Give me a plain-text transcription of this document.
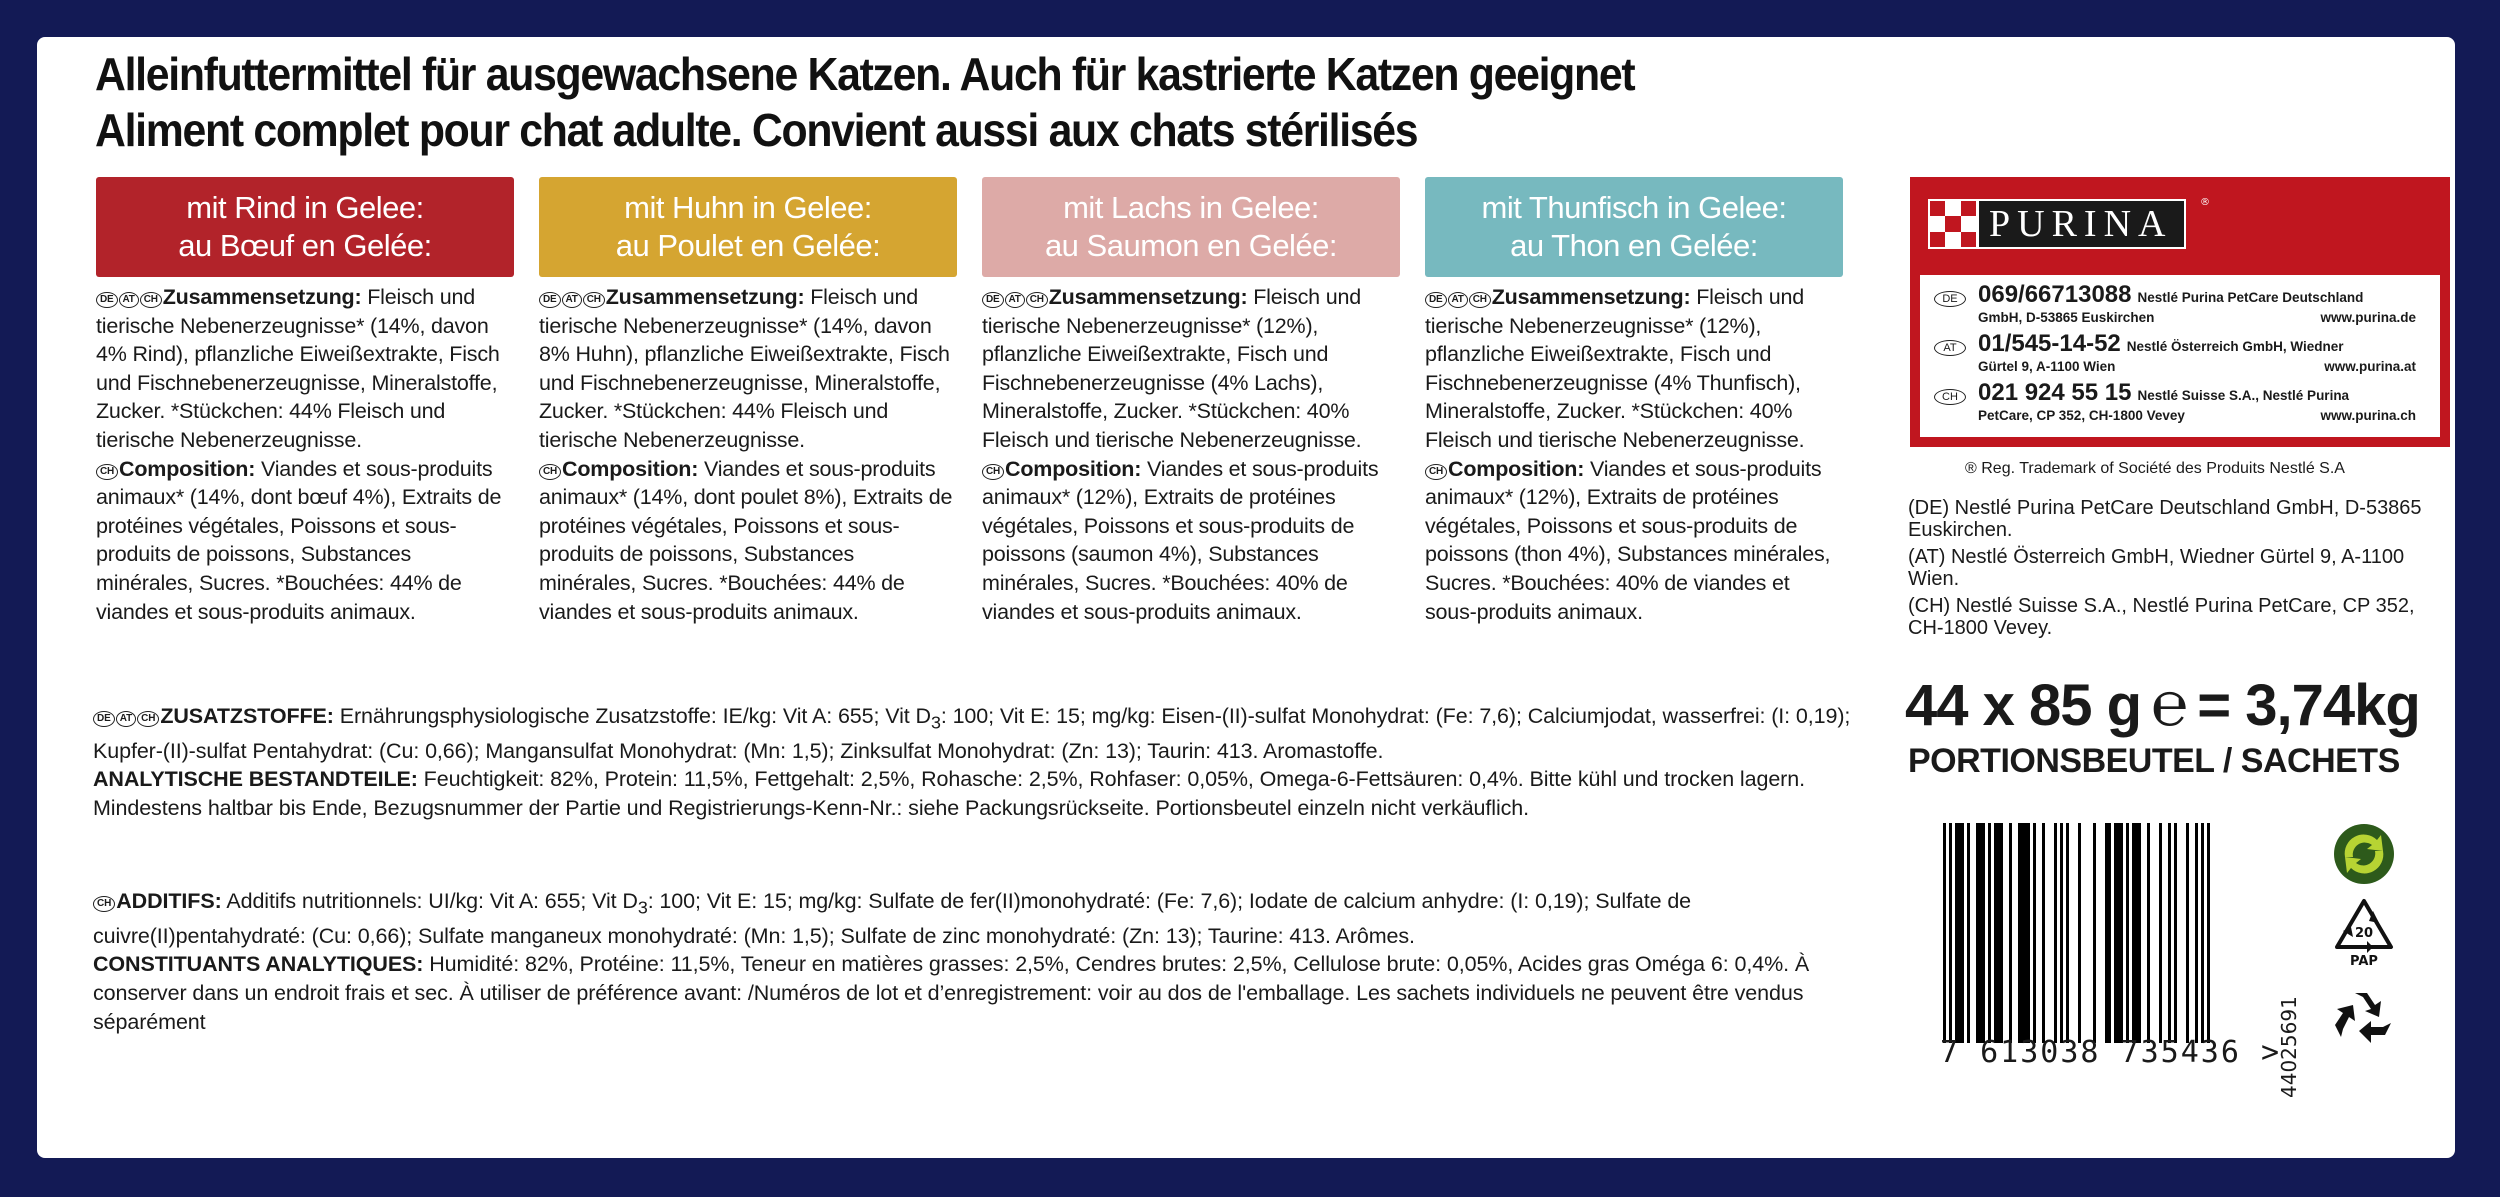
Alleinfuttermittel für ausgewachsene Katzen. Auch für kastrierte Katzen geeignet
Aliment complet pour chat adulte. Convient aussi aux chats stérilisés
mit Rind in Gelee:
au Bœuf en Gelée:
DE AT CH Zusammensetzung: Fleisch und tierische Nebenerzeugnisse* (14%, davon 4% Rind), pflanzliche Eiweißextrakte, Fisch und Fischnebenerzeugnisse, Mineralstoffe, Zucker. *Stückchen: 44% Fleisch und tierische Nebenerzeugnisse.
CH Composition: Viandes et sous-produits animaux* (14%, dont bœuf 4%), Extraits de protéines végétales, Poissons et sous-produits de poissons, Substances minérales, Sucres. *Bouchées: 44% de viandes et sous-produits animaux.
mit Huhn in Gelee:
au Poulet en Gelée:
DE AT CH Zusammensetzung: Fleisch und tierische Nebenerzeugnisse* (14%, davon 8% Huhn), pflanzliche Eiweißextrakte, Fisch und Fischnebenerzeugnisse, Mineralstoffe, Zucker. *Stückchen: 44% Fleisch und tierische Nebenerzeugnisse.
CH Composition: Viandes et sous-produits animaux* (14%, dont poulet 8%), Extraits de protéines végétales, Poissons et sous-produits de poissons, Substances minérales, Sucres. *Bouchées: 44% de viandes et sous-produits animaux.
mit Lachs in Gelee:
au Saumon en Gelée:
DE AT CH Zusammensetzung: Fleisch und tierische Nebenerzeugnisse* (12%), pflanzliche Eiweißextrakte, Fisch und Fischnebenerzeugnisse (4% Lachs), Mineralstoffe, Zucker. *Stückchen: 40% Fleisch und tierische Nebenerzeugnisse.
CH Composition: Viandes et sous-produits animaux* (12%), Extraits de protéines végétales, Poissons et sous-produits de poissons (saumon 4%), Substances minérales, Sucres. *Bouchées: 40% de viandes et sous-produits animaux.
mit Thunfisch in Gelee:
au Thon en Gelée:
DE AT CH Zusammensetzung: Fleisch und tierische Nebenerzeugnisse* (12%), pflanzliche Eiweißextrakte, Fisch und Fischnebenerzeugnisse (4% Thunfisch), Mineralstoffe, Zucker. *Stückchen: 40% Fleisch und tierische Nebenerzeugnisse.
CH Composition: Viandes et sous-produits animaux* (12%), Extraits de protéines végétales, Poissons et sous-produits de poissons (thon 4%), Substances minérales, Sucres. *Bouchées: 40% de viandes et sous-produits animaux.
DE AT CH ZUSATZSTOFFE: Ernährungsphysiologische Zusatzstoffe: IE/kg: Vit A: 655; Vit $D_3$: 100; Vit E: 15; mg/kg: Eisen-(II)-sulfat Monohydrat: (Fe: 7,6); Calciumjodat, wasserfrei: (I: 0,19); Kupfer-(II)-sulfat Pentahydrat: (Cu: 0,66); Mangansulfat Monohydrat: (Mn: 1,5); Zinksulfat Monohydrat: (Zn: 13); Taurin: 413. Aromastoffe.
ANALYTISCHE BESTANDTEILE: Feuchtigkeit: 82%, Protein: 11,5%, Fettgehalt: 2,5%, Rohasche: 2,5%, Rohfaser: 0,05%, Omega-6-Fettsäuren: 0,4%. Bitte kühl und trocken lagern. Mindestens haltbar bis Ende, Bezugsnummer der Partie und Registrierungs-Kenn-Nr.: siehe Packungsrückseite. Portionsbeutel einzeln nicht verkäuflich.
CH ADDITIFS: Additifs nutritionnels: UI/kg: Vit A: 655; Vit $D_3$: 100; Vit E: 15; mg/kg: Sulfate de fer(II)monohydraté: (Fe: 7,6); Iodate de calcium anhydre: (I: 0,19); Sulfate de cuivre(II)pentahydraté: (Cu: 0,66); Sulfate manganeux monohydraté: (Mn: 1,5); Sulfate de zinc monohydraté: (Zn: 13); Taurine: 413. Arômes.
CONSTITUANTS ANALYTIQUES: Humidité: 82%, Protéine: 11,5%, Teneur en matières grasses: 2,5%, Cendres brutes: 2,5%, Cellulose brute: 0,05%, Acides gras Oméga 6: 0,4%. À conserver dans un endroit frais et sec. À utiliser de préférence avant: /Numéros de lot et d’enregistrement: voir au dos de l'emballage. Les sachets individuels ne peuvent être vendus séparément
PURINA
®
DE 069/66713088 Nestlé Purina PetCare Deutschland
GmbH, D-53865 Euskirchen	www.purina.de
AT 01/545-14-52 Nestlé Österreich GmbH, Wiedner
Gürtel 9, A-1100 Wien	www.purina.at
CH 021 924 55 15 Nestlé Suisse S.A., Nestlé Purina
PetCare, CP 352, CH-1800 Vevey	www.purina.ch
® Reg. Trademark of Société des Produits Nestlé S.A
(DE) Nestlé Purina PetCare Deutschland GmbH, D-53865 Euskirchen.
(AT) Nestlé Österreich GmbH, Wiedner Gürtel 9, A-1100 Wien.
(CH) Nestlé Suisse S.A., Nestlé Purina PetCare, CP 352, CH-1800 Vevey.
44 x 85 g ℮ = 3,74kg
PORTIONSBEUTEL / SACHETS
7 613038 735436 >
44025691
20
PAP
